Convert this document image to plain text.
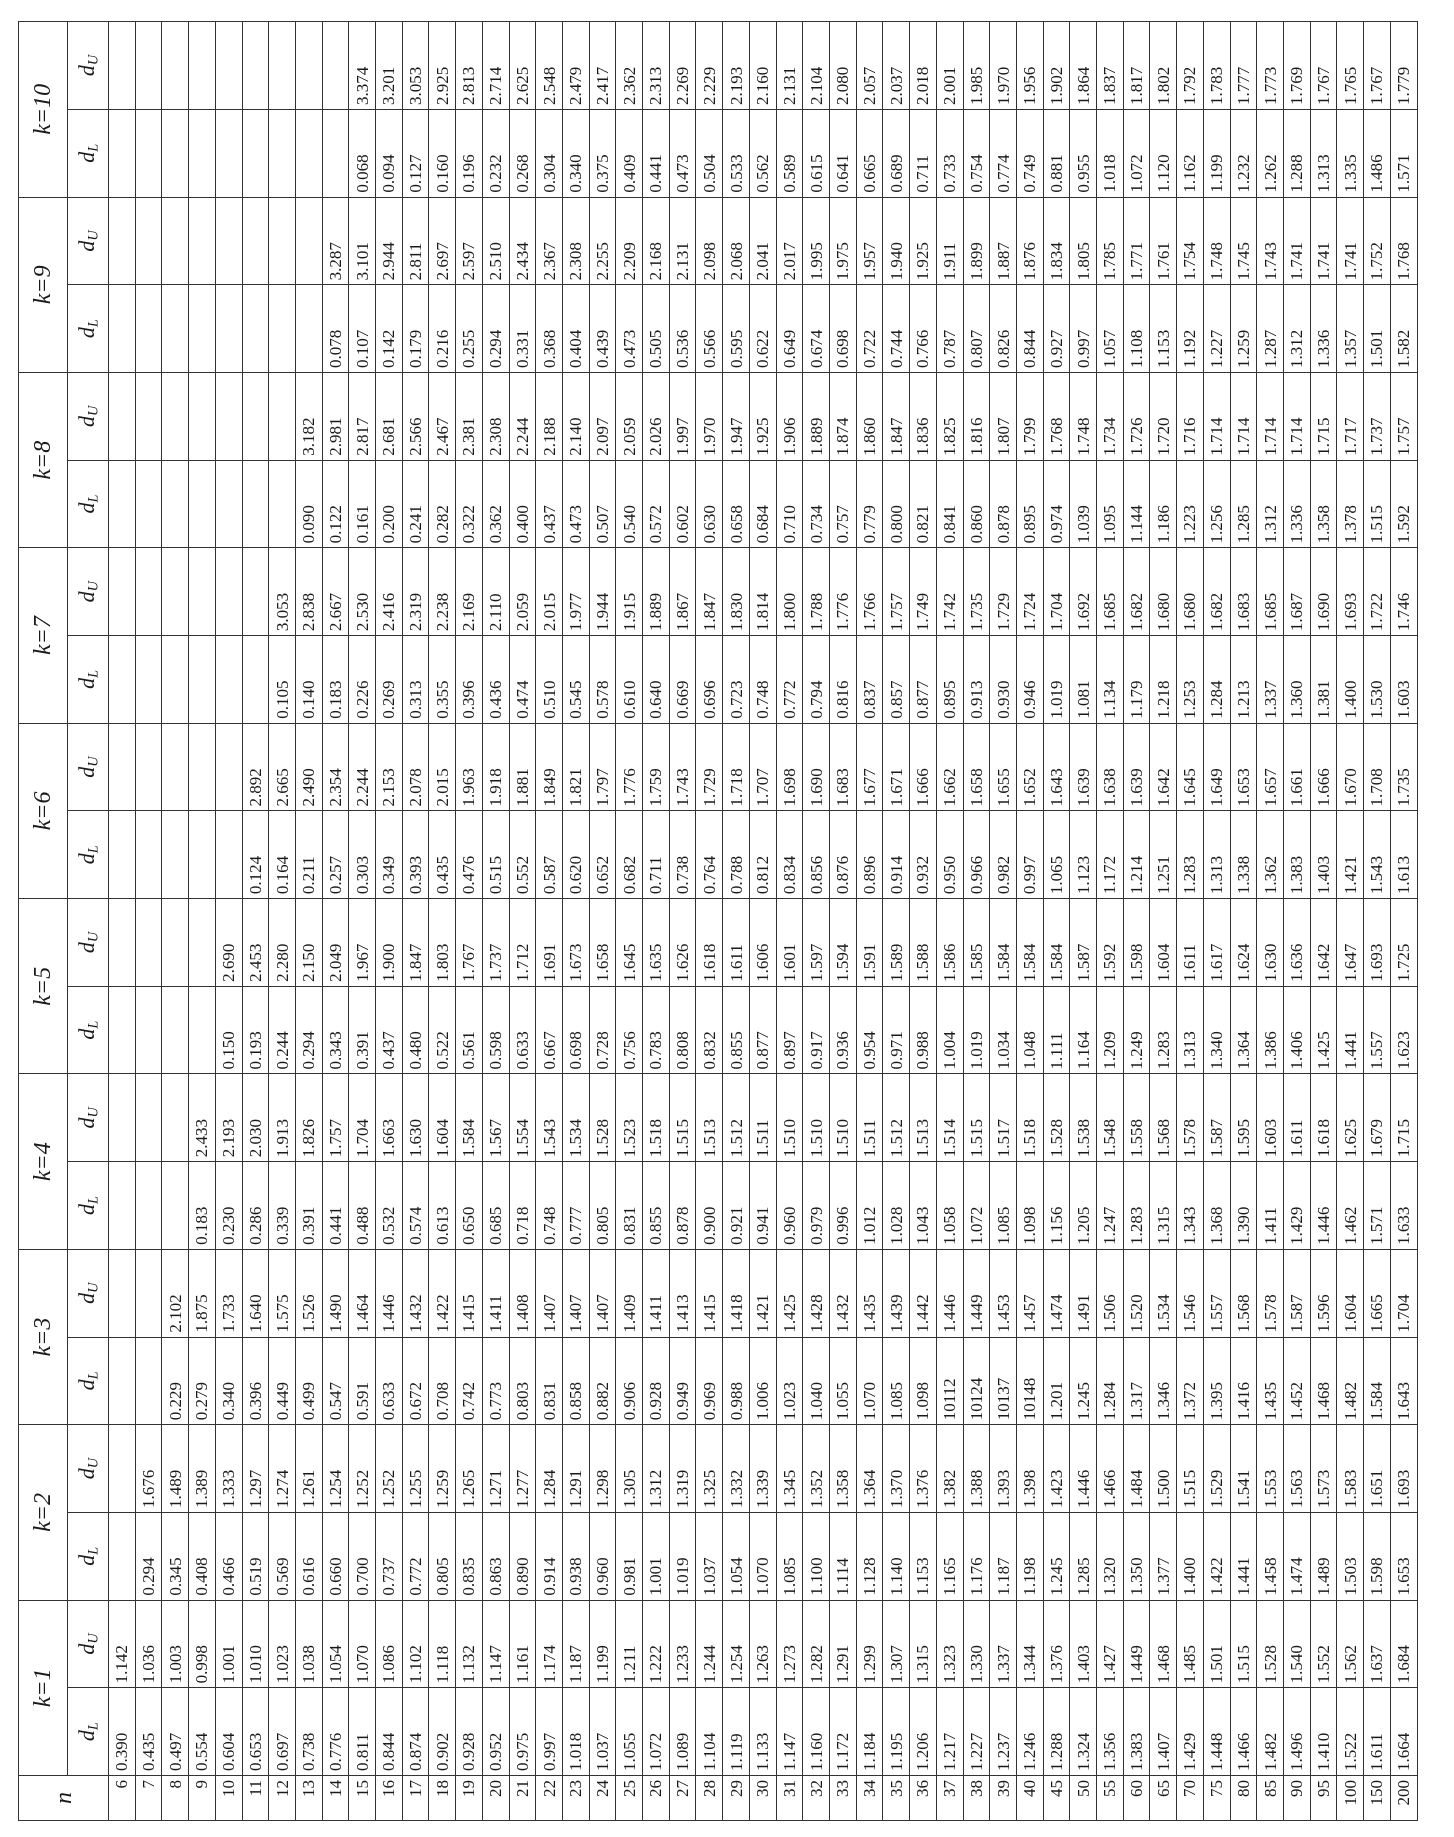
n	k=1		k=2		k=3		k=4		k=5		k=6		k=7		k=8		k=9		k=10	
	$d_L$	$d_U$	$d_L$	$d_U$	$d_L$	$d_U$	$d_L$	$d_U$	$d_L$	$d_U$	$d_L$	$d_U$	$d_L$	$d_U$	$d_L$	$d_U$	$d_L$	$d_U$	$d_L$	$d_U$
6	0.390	1.142																		
7	0.435	1.036	0.294	1.676																
8	0.497	1.003	0.345	1.489	0.229	2.102														
9	0.554	0.998	0.408	1.389	0.279	1.875	0.183	2.433												
10	0.604	1.001	0.466	1.333	0.340	1.733	0.230	2.193	0.150	2.690										
11	0.653	1.010	0.519	1.297	0.396	1.640	0.286	2.030	0.193	2.453	0.124	2.892								
12	0.697	1.023	0.569	1.274	0.449	1.575	0.339	1.913	0.244	2.280	0.164	2.665	0.105	3.053						
13	0.738	1.038	0.616	1.261	0.499	1.526	0.391	1.826	0.294	2.150	0.211	2.490	0.140	2.838	0.090	3.182				
14	0.776	1.054	0.660	1.254	0.547	1.490	0.441	1.757	0.343	2.049	0.257	2.354	0.183	2.667	0.122	2.981	0.078	3.287		
15	0.811	1.070	0.700	1.252	0.591	1.464	0.488	1.704	0.391	1.967	0.303	2.244	0.226	2.530	0.161	2.817	0.107	3.101	0.068	3.374
16	0.844	1.086	0.737	1.252	0.633	1.446	0.532	1.663	0.437	1.900	0.349	2.153	0.269	2.416	0.200	2.681	0.142	2.944	0.094	3.201
17	0.874	1.102	0.772	1.255	0.672	1.432	0.574	1.630	0.480	1.847	0.393	2.078	0.313	2.319	0.241	2.566	0.179	2.811	0.127	3.053
18	0.902	1.118	0.805	1.259	0.708	1.422	0.613	1.604	0.522	1.803	0.435	2.015	0.355	2.238	0.282	2.467	0.216	2.697	0.160	2.925
19	0.928	1.132	0.835	1.265	0.742	1.415	0.650	1.584	0.561	1.767	0.476	1.963	0.396	2.169	0.322	2.381	0.255	2.597	0.196	2.813
20	0.952	1.147	0.863	1.271	0.773	1.411	0.685	1.567	0.598	1.737	0.515	1.918	0.436	2.110	0.362	2.308	0.294	2.510	0.232	2.714
21	0.975	1.161	0.890	1.277	0.803	1.408	0.718	1.554	0.633	1.712	0.552	1.881	0.474	2.059	0.400	2.244	0.331	2.434	0.268	2.625
22	0.997	1.174	0.914	1.284	0.831	1.407	0.748	1.543	0.667	1.691	0.587	1.849	0.510	2.015	0.437	2.188	0.368	2.367	0.304	2.548
23	1.018	1.187	0.938	1.291	0.858	1.407	0.777	1.534	0.698	1.673	0.620	1.821	0.545	1.977	0.473	2.140	0.404	2.308	0.340	2.479
24	1.037	1.199	0.960	1.298	0.882	1.407	0.805	1.528	0.728	1.658	0.652	1.797	0.578	1.944	0.507	2.097	0.439	2.255	0.375	2.417
25	1.055	1.211	0.981	1.305	0.906	1.409	0.831	1.523	0.756	1.645	0.682	1.776	0.610	1.915	0.540	2.059	0.473	2.209	0.409	2.362
26	1.072	1.222	1.001	1.312	0.928	1.411	0.855	1.518	0.783	1.635	0.711	1.759	0.640	1.889	0.572	2.026	0.505	2.168	0.441	2.313
27	1.089	1.233	1.019	1.319	0.949	1.413	0.878	1.515	0.808	1.626	0.738	1.743	0.669	1.867	0.602	1.997	0.536	2.131	0.473	2.269
28	1.104	1.244	1.037	1.325	0.969	1.415	0.900	1.513	0.832	1.618	0.764	1.729	0.696	1.847	0.630	1.970	0.566	2.098	0.504	2.229
29	1.119	1.254	1.054	1.332	0.988	1.418	0.921	1.512	0.855	1.611	0.788	1.718	0.723	1.830	0.658	1.947	0.595	2.068	0.533	2.193
30	1.133	1.263	1.070	1.339	1.006	1.421	0.941	1.511	0.877	1.606	0.812	1.707	0.748	1.814	0.684	1.925	0.622	2.041	0.562	2.160
31	1.147	1.273	1.085	1.345	1.023	1.425	0.960	1.510	0.897	1.601	0.834	1.698	0.772	1.800	0.710	1.906	0.649	2.017	0.589	2.131
32	1.160	1.282	1.100	1.352	1.040	1.428	0.979	1.510	0.917	1.597	0.856	1.690	0.794	1.788	0.734	1.889	0.674	1.995	0.615	2.104
33	1.172	1.291	1.114	1.358	1.055	1.432	0.996	1.510	0.936	1.594	0.876	1.683	0.816	1.776	0.757	1.874	0.698	1.975	0.641	2.080
34	1.184	1.299	1.128	1.364	1.070	1.435	1.012	1.511	0.954	1.591	0.896	1.677	0.837	1.766	0.779	1.860	0.722	1.957	0.665	2.057
35	1.195	1.307	1.140	1.370	1.085	1.439	1.028	1.512	0.971	1.589	0.914	1.671	0.857	1.757	0.800	1.847	0.744	1.940	0.689	2.037
36	1.206	1.315	1.153	1.376	1.098	1.442	1.043	1.513	0.988	1.588	0.932	1.666	0.877	1.749	0.821	1.836	0.766	1.925	0.711	2.018
37	1.217	1.323	1.165	1.382	10112	1.446	1.058	1.514	1.004	1.586	0.950	1.662	0.895	1.742	0.841	1.825	0.787	1.911	0.733	2.001
38	1.227	1.330	1.176	1.388	10124	1.449	1.072	1.515	1.019	1.585	0.966	1.658	0.913	1.735	0.860	1.816	0.807	1.899	0.754	1.985
39	1.237	1.337	1.187	1.393	10137	1.453	1.085	1.517	1.034	1.584	0.982	1.655	0.930	1.729	0.878	1.807	0.826	1.887	0.774	1.970
40	1.246	1.344	1.198	1.398	10148	1.457	1.098	1.518	1.048	1.584	0.997	1.652	0.946	1.724	0.895	1.799	0.844	1.876	0.749	1.956
45	1.288	1.376	1.245	1.423	1.201	1.474	1.156	1.528	1.111	1.584	1.065	1.643	1.019	1.704	0.974	1.768	0.927	1.834	0.881	1.902
50	1.324	1.403	1.285	1.446	1.245	1.491	1.205	1.538	1.164	1.587	1.123	1.639	1.081	1.692	1.039	1.748	0.997	1.805	0.955	1.864
55	1.356	1.427	1.320	1.466	1.284	1.506	1.247	1.548	1.209	1.592	1.172	1.638	1.134	1.685	1.095	1.734	1.057	1.785	1.018	1.837
60	1.383	1.449	1.350	1.484	1.317	1.520	1.283	1.558	1.249	1.598	1.214	1.639	1.179	1.682	1.144	1.726	1.108	1.771	1.072	1.817
65	1.407	1.468	1.377	1.500	1.346	1.534	1.315	1.568	1.283	1.604	1.251	1.642	1.218	1.680	1.186	1.720	1.153	1.761	1.120	1.802
70	1.429	1.485	1.400	1.515	1.372	1.546	1.343	1.578	1.313	1.611	1.283	1.645	1.253	1.680	1.223	1.716	1.192	1.754	1.162	1.792
75	1.448	1.501	1.422	1.529	1.395	1.557	1.368	1.587	1.340	1.617	1.313	1.649	1.284	1.682	1.256	1.714	1.227	1.748	1.199	1.783
80	1.466	1.515	1.441	1.541	1.416	1.568	1.390	1.595	1.364	1.624	1.338	1.653	1.213	1.683	1.285	1.714	1.259	1.745	1.232	1.777
85	1.482	1.528	1.458	1.553	1.435	1.578	1.411	1.603	1.386	1.630	1.362	1.657	1.337	1.685	1.312	1.714	1.287	1.743	1.262	1.773
90	1.496	1.540	1.474	1.563	1.452	1.587	1.429	1.611	1.406	1.636	1.383	1.661	1.360	1.687	1.336	1.714	1.312	1.741	1.288	1.769
95	1.410	1.552	1.489	1.573	1.468	1.596	1.446	1.618	1.425	1.642	1.403	1.666	1.381	1.690	1.358	1.715	1.336	1.741	1.313	1.767
100	1.522	1.562	1.503	1.583	1.482	1.604	1.462	1.625	1.441	1.647	1.421	1.670	1.400	1.693	1.378	1.717	1.357	1.741	1.335	1.765
150	1.611	1.637	1.598	1.651	1.584	1.665	1.571	1.679	1.557	1.693	1.543	1.708	1.530	1.722	1.515	1.737	1.501	1.752	1.486	1.767
200	1.664	1.684	1.653	1.693	1.643	1.704	1.633	1.715	1.623	1.725	1.613	1.735	1.603	1.746	1.592	1.757	1.582	1.768	1.571	1.779
